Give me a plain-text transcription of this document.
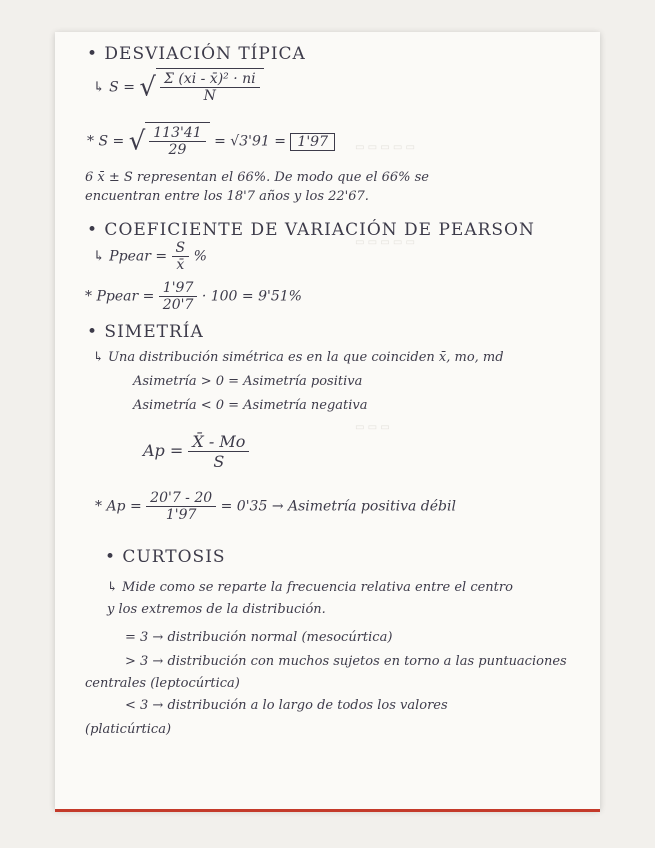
▭ ▭ ▭ ▭ ▭
▭ ▭ ▭ ▭ ▭
▭ ▭ ▭
• DESVIACIÓN TÍPICA
↳ S = √ $\frac{\text{Σ (xi - x̄)² · ni}}{N}$
* S = √ $\frac{113'41}{29} = √3'91 = 1'97$
6 x̄ ± S representan el 66%. De modo que el 66% se
encuentran entre los 18'7 años y los 22'67.
• COEFICIENTE DE VARIACIÓN DE PEARSON
↳ Ppear = $\frac{S}{x̄}$ %
* Ppear = $\frac{1'97}{20'7} \cdot 100 = 9'51\%$
• SIMETRÍA
↳ Una distribución simétrica es en la que coinciden x̄, mo, md
Asimetría > 0 = Asimetría positiva
Asimetría < 0 = Asimetría negativa
$Ap = \frac{X̄ - Mo}{S}$
* $Ap = \frac{20'7 - 20}{1'97} = 0'35$ → Asimetría positiva débil
• CURTOSIS
↳ Mide como se reparte la frecuencia relativa entre el centro
y los extremos de la distribución.
= 3 → distribución normal (mesocúrtica)
> 3 → distribución con muchos sujetos en torno a las puntuaciones
centrales (leptocúrtica)
< 3 → distribución a lo largo de todos los valores
(platicúrtica)
